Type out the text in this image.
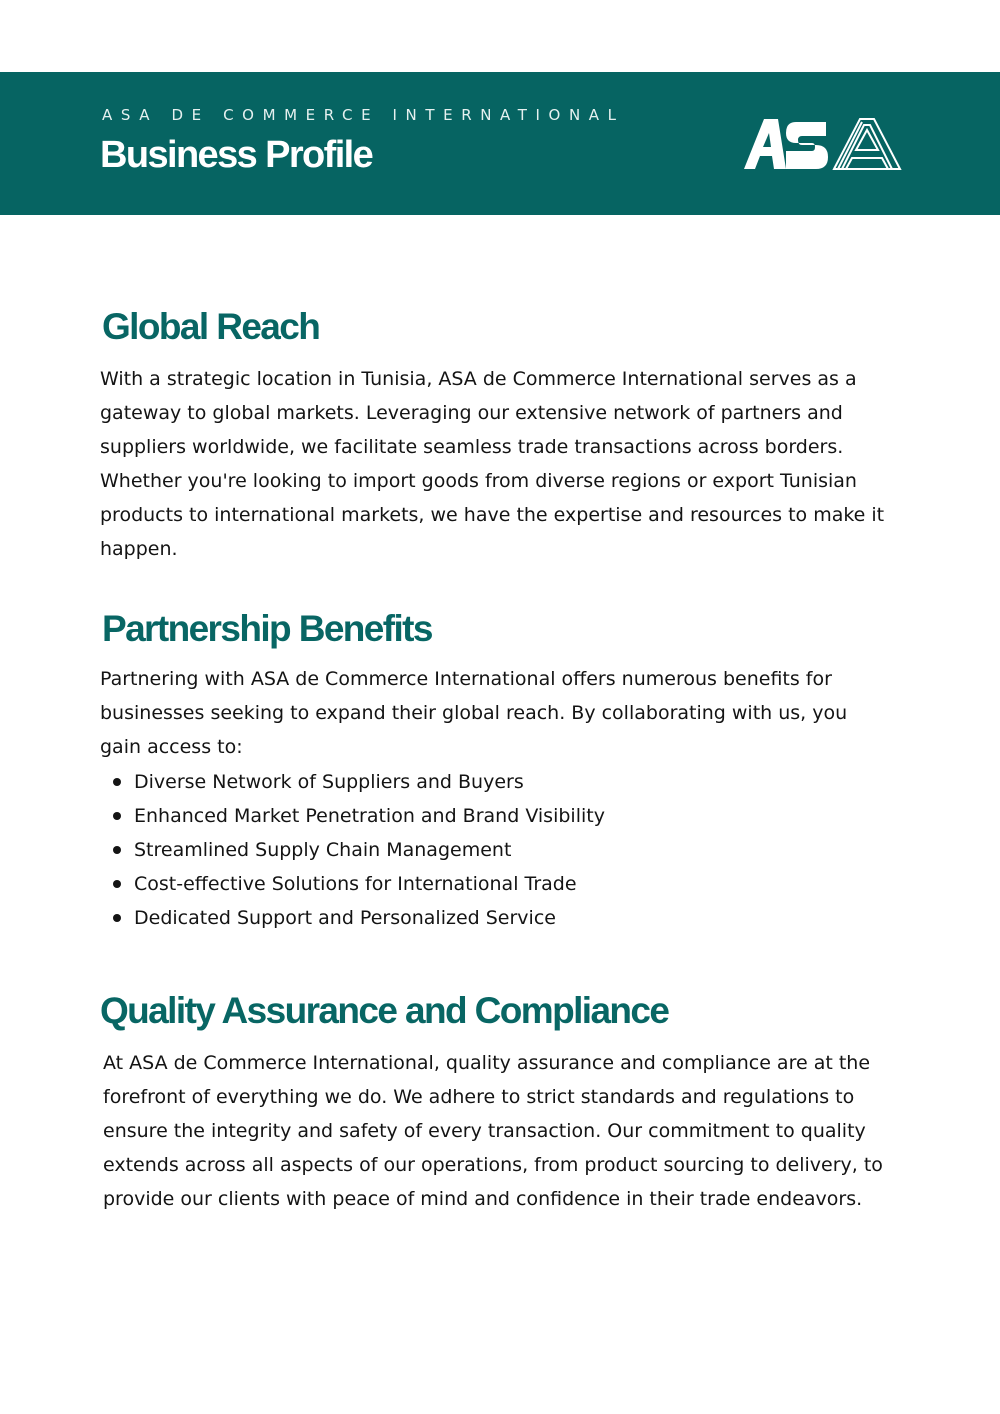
ASA DE COMMERCE INTERNATIONAL
Business Profile
Global Reach

With a strategic location in Tunisia, ASA de Commerce International serves as a gateway to global markets. Leveraging our extensive network of partners and suppliers worldwide, we facilitate seamless trade transactions across borders. Whether you're looking to import goods from diverse regions or export Tunisian products to international markets, we have the expertise and resources to make it happen.

Partnership Benefits

Partnering with ASA de Commerce International offers numerous benefits for businesses seeking to expand their global reach. By collaborating with us, you gain access to:

Diverse Network of Suppliers and Buyers
Enhanced Market Penetration and Brand Visibility
Streamlined Supply Chain Management
Cost-effective Solutions for International Trade
Dedicated Support and Personalized Service
Quality Assurance and Compliance

At ASA de Commerce International, quality assurance and compliance are at the forefront of everything we do. We adhere to strict standards and regulations to ensure the integrity and safety of every transaction. Our commitment to quality extends across all aspects of our operations, from product sourcing to delivery, to provide our clients with peace of mind and confidence in their trade endeavors.
